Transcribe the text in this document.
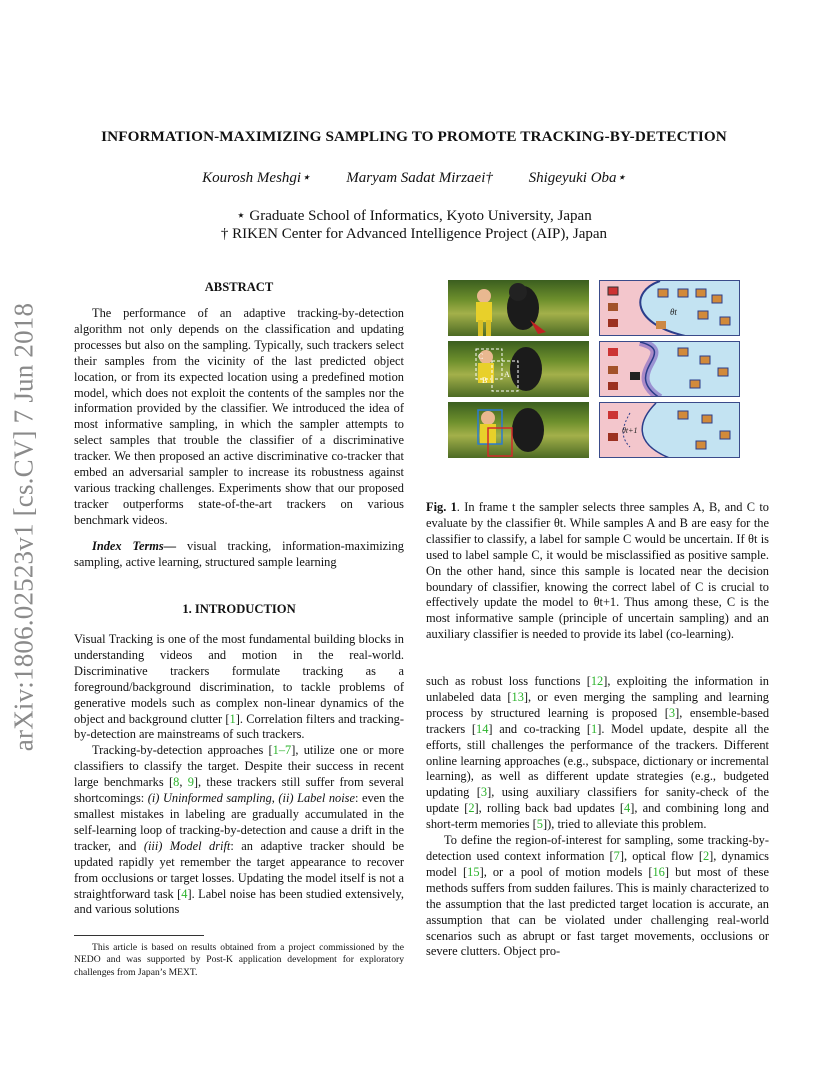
arXiv:1806.02523v1 [cs.CV] 7 Jun 2018
INFORMATION-MAXIMIZING SAMPLING TO PROMOTE TRACKING-BY-DETECTION
Kourosh Meshgi⋆ Maryam Sadat Mirzaei† Shigeyuki Oba⋆
⋆ Graduate School of Informatics, Kyoto University, Japan
† RIKEN Center for Advanced Intelligence Project (AIP), Japan
ABSTRACT

The performance of an adaptive tracking-by-detection algorithm not only depends on the classification and updating processes but also on the sampling. Typically, such trackers select their samples from the vicinity of the last predicted object location, or from its expected location using a predefined motion model, which does not exploit the contents of the samples nor the information provided by the classifier. We introduced the idea of most informative sampling, in which the sampler attempts to select samples that trouble the classifier of a discriminative tracker. We then proposed an active discriminative co-tracker that embed an adversarial sampler to increase its robustness against various tracking challenges. Experiments show that our proposed tracker outperforms state-of-the-art trackers on various benchmark videos.

Index Terms— visual tracking, information-maximizing sampling, active learning, structured sample learning

1. INTRODUCTION

Visual Tracking is one of the most fundamental building blocks in understanding videos and motion in the real-world. Discriminative trackers formulate tracking as a foreground/background discrimination, to tackle problems of generative models such as complex non-linear dynamics of the object and background clutter [1]. Correlation filters and tracking-by-detection are mainstreams of such trackers.

Tracking-by-detection approaches [1–7], utilize one or more classifiers to classify the target. Despite their success in recent large benchmarks [8, 9], these trackers still suffer from several shortcomings: (i) Uninformed sampling, (ii) Label noise: even the smallest mistakes in labeling are gradually accumulated in the self-learning loop of tracking-by-detection and cause a drift in the tracker, and (iii) Model drift: an adaptive tracker should be updated rapidly yet remember the target appearance to recover from occlusions or target losses. Updating the model itself is not a straightforward task [4]. Label noise has been studied extensively, and various solutions

This article is based on results obtained from a project commissioned by the NEDO and was supported by Post-K application development for exploratory challenges from Japan’s MEXT.
θt
C
A
B
θt+1

Fig. 1. In frame t the sampler selects three samples A, B, and C to evaluate by the classifier θt. While samples A and B are easy for the classifier to classify, a label for sample C would be uncertain. If θt is used to label sample C, it would be misclassified as positive sample. On the other hand, since this sample is located near the decision boundary of classifier, knowing the correct label of C is crucial to effectively update the model to θt+1. Thus among these, C is the most informative sample (principle of uncertain sampling) and an auxiliary classifier is needed to provide its label (co-learning).

such as robust loss functions [12], exploiting the information in unlabeled data [13], or even merging the sampling and learning process by structured learning is proposed [3], ensemble-based trackers [14] and co-tracking [1]. Model update, despite all the efforts, still challenges the performance of the trackers. Different online learning approaches (e.g., subspace, dictionary or incremental learning), as well as different update strategies (e.g., budgeted updating [3], using auxiliary classifiers for sanity-check of the update [2], rolling back bad updates [4], and combining long and short-term memories [5]), tried to alleviate this problem.

To define the region-of-interest for sampling, some tracking-by-detection used context information [7], optical flow [2], dynamics model [15], or a pool of motion models [16] but most of these methods suffers from sudden failures. This is mainly characterized to the assumption that the last predicted target location is accurate, an assumption that can be violated under challenging real-world scenarios such as abrupt or fast target movements, occlusions or severe clutters. Object pro-
